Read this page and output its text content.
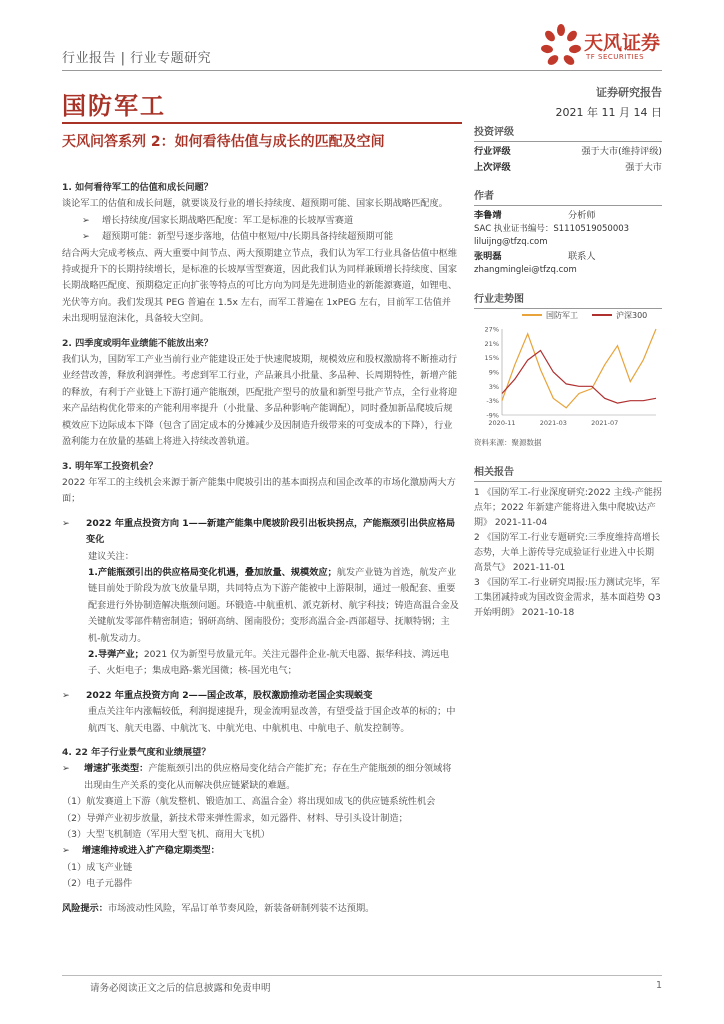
行业报告 | 行业专题研究
天风证券
TF SECURITIES
国防军工	证券研究报告
2021 年 11 月 14 日
天风问答系列 2：如何看待估值与成长的匹配及空间

1. 如何看待军工的估值和成长问题？

谈论军工的估值和成长问题，就要谈及行业的增长持续度、超预期可能、国家长期战略匹配度。

➢ 增长持续度/国家长期战略匹配度：军工是标准的长坡厚雪赛道

➢ 超预期可能：新型号逐步落地，估值中枢短/中/长期具备持续超预期可能

结合两大完成考核点、两大重要中间节点、两大预期建立节点，我们认为军工行业具备估值中枢维持或提升下的长期持续增长，是标准的长坡厚雪型赛道，因此我们认为同样兼顾增长持续度、国家长期战略匹配度、预期稳定正向扩张等特点的可比方向为同是先进制造业的新能源赛道，如锂电、光伏等方向。我们发现其 PEG 普遍在 1.5x 左右，而军工普遍在 1xPEG 左右，目前军工估值并未出现明显泡沫化，具备较大空间。

2. 四季度或明年业绩能不能放出来？

我们认为，国防军工产业当前行业产能建设正处于快速爬坡期，规模效应和股权激励将不断推动行业经营改善，释放利润弹性。考虑到军工行业，产品兼具小批量、多品种、长周期特性，新增产能的释放，有利于产业链上下游打通产能瓶颈，匹配批产型号的放量和新型号批产节点，全行业将迎来产品结构优化带来的产能利用率提升（小批量、多品种影响产能调配），同时叠加新品爬坡后规模效应下边际成本下降（包含了固定成本的分摊减少及因制造升级带来的可变成本的下降），行业盈利能力在放量的基础上将进入持续改善轨道。

3. 明年军工投资机会？

2022 年军工的主线机会来源于新产能集中爬坡引出的基本面拐点和国企改革的市场化激励两大方面；

➢	2022 年重点投资方向 1——新建产能集中爬坡阶段引出板块拐点，产能瓶颈引出供应格局变化

建议关注：

1.产能瓶颈引出的供应格局变化机遇，叠加放量、规模效应；航发产业链为首选，航发产业链目前处于阶段为放飞放量早期，共同特点为下游产能被中上游限制，通过一般配套、重要配套进行外协制造解决瓶颈问题。环锻造-中航重机、派克新材、航宇科技；铸造高温合金及关键航发零部件精密制造；钢研高纳、图南股份；变形高温合金-西部超导、抚顺特钢；主机-航发动力。

2.导弹产业；2021 仅为新型号放量元年。关注元器件企业-航天电器、振华科技、鸿远电子、火炬电子；集成电路-紫光国微；核-国光电气；

➢	2022 年重点投资方向 2——国企改革，股权激励推动老国企实现蜕变

重点关注年内涨幅较低，利润提速提升，现金流明显改善，有望受益于国企改革的标的；中航西飞、航天电器、中航沈飞、中航光电、中航机电、中航电子、航发控制等。

4. 22 年子行业景气度和业绩展望？

➢	增速扩张类型：产能瓶颈引出的供应格局变化结合产能扩充；存在生产能瓶颈的细分领域将出现由生产关系的变化从而解决供应链紧缺的难题。

（1）航发赛道上下游（航发整机、锻造加工、高温合金）将出现如成飞的供应链系统性机会

（2）导弹产业初步放量，新技术带来弹性需求，如元器件、材料、导引头设计制造；

（3）大型飞机制造（军用大型飞机、商用大飞机）

➢ 增速维持或进入扩产稳定期类型：

（1）成飞产业链

（2）电子元器件

风险提示：市场波动性风险，军品订单节奏风险，新装备研制列装不达预期。

投资评级
行业评级	强于大市(维持评级)
上次评级	强于大市
作者
李鲁靖	分析师
SAC 执业证书编号：S1110519050003
liluijng@tfzq.com
张明磊	联系人
zhangminglei@tfzq.com
行业走势图
国防军工	沪深300
27%
21%
15%
9%
3%
-3%
-9%
2020-11	2021-03	2021-07
资料来源：聚源数据
相关报告
1 《国防军工-行业深度研究:2022 主线-产能拐点年；2022 年新建产能将进入集中爬坡\达产期》 2021-11-04
2 《国防军工-行业专题研究:三季度维持高增长态势，大单上游传导完成验证行业进入中长期高景气》 2021-11-01
3 《国防军工-行业研究周报:压力测试完毕，军工集团减持或为国改资金需求，基本面趋势 Q3 开始明朗》 2021-10-18
请务必阅读正文之后的信息披露和免责申明	1
